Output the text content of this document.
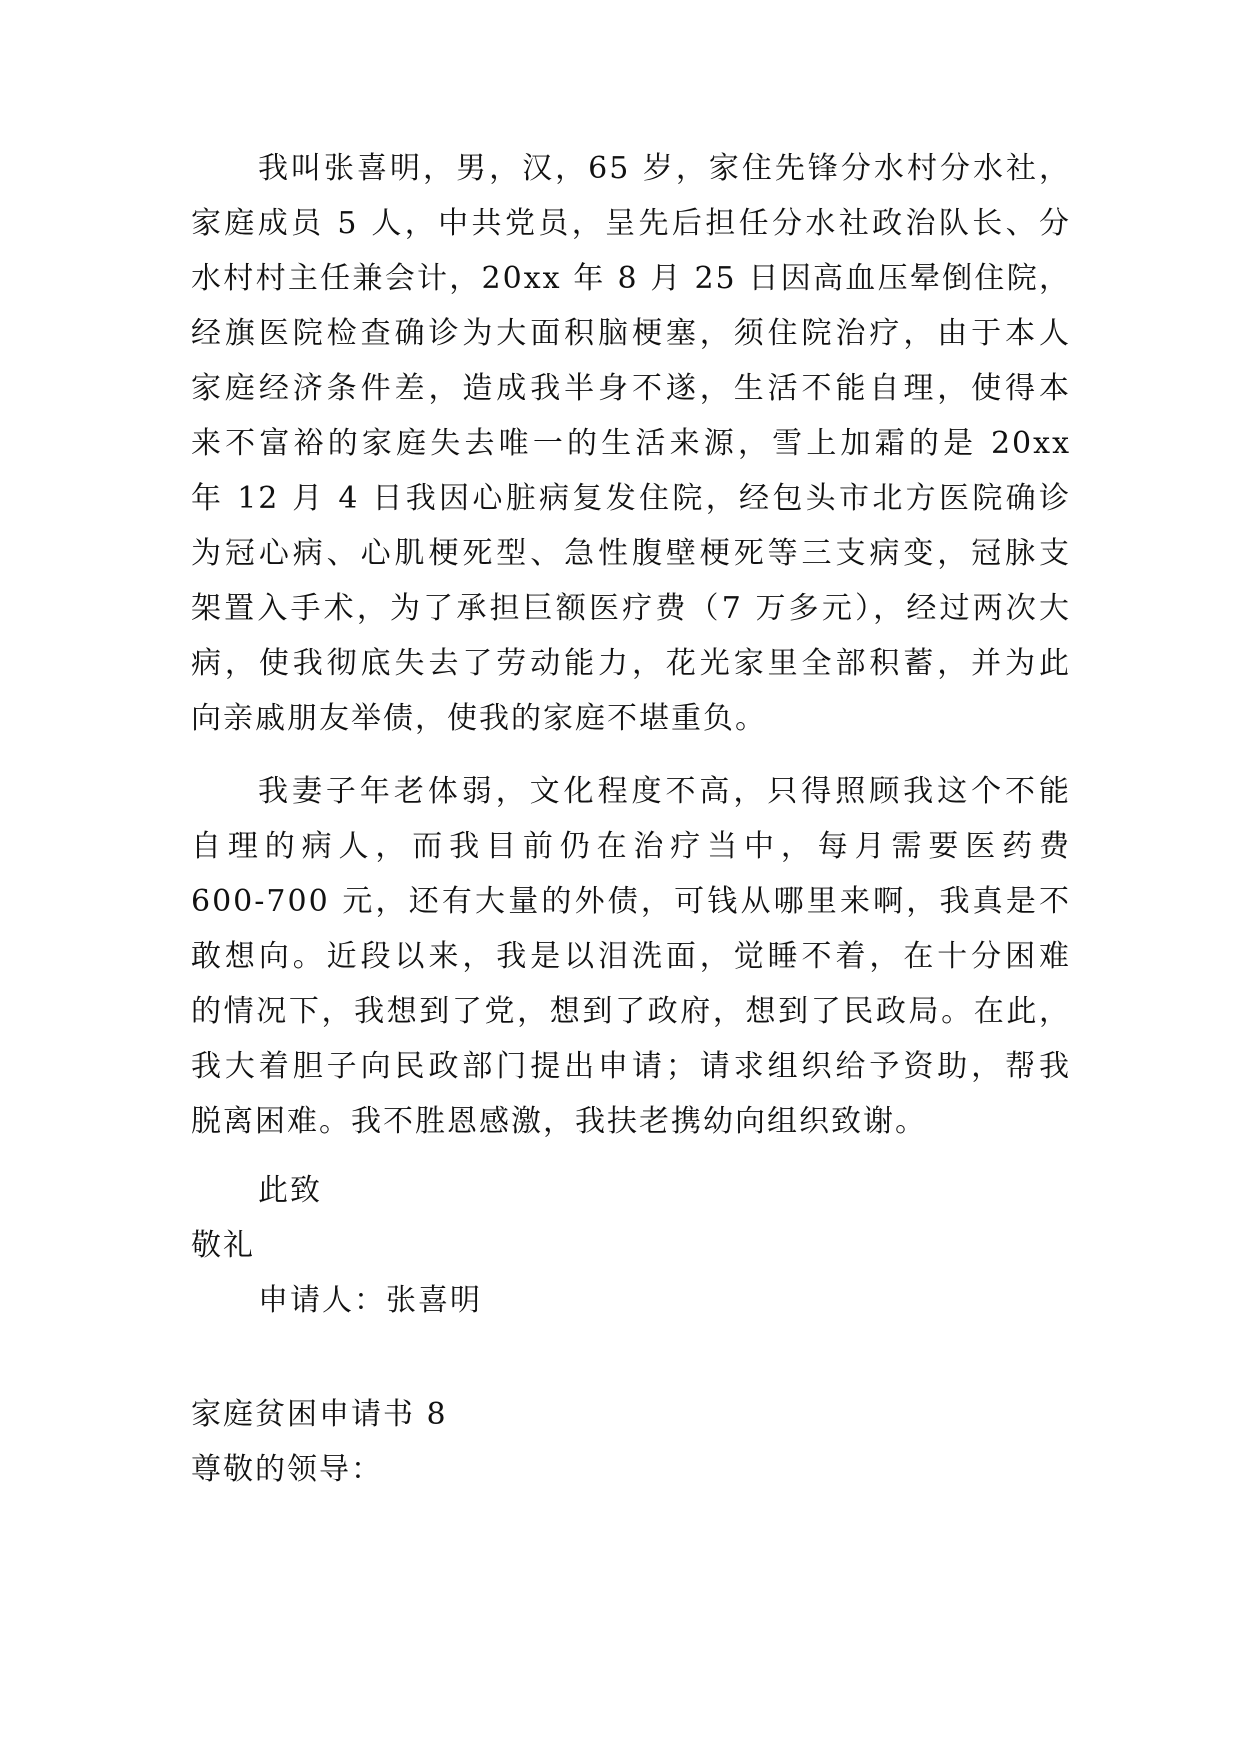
我叫张喜明，男，汉，65 岁，家住先锋分水村分水社，

家庭成员 5 人，中共党员，呈先后担任分水社政治队长、分

水村村主任兼会计，20xx 年 8 月 25 日因高血压晕倒住院，

经旗医院检查确诊为大面积脑梗塞，须住院治疗，由于本人

家庭经济条件差，造成我半身不遂，生活不能自理，使得本

来不富裕的家庭失去唯一的生活来源，雪上加霜的是 20xx

年 12 月 4 日我因心脏病复发住院，经包头市北方医院确诊

为冠心病、心肌梗死型、急性腹壁梗死等三支病变，冠脉支

架置入手术，为了承担巨额医疗费（7 万多元），经过两次大

病，使我彻底失去了劳动能力，花光家里全部积蓄，并为此

向亲戚朋友举债，使我的家庭不堪重负。

我妻子年老体弱，文化程度不高，只得照顾我这个不能

自理的病人，而我目前仍在治疗当中，每月需要医药费

600-700 元，还有大量的外债，可钱从哪里来啊，我真是不

敢想向。近段以来，我是以泪洗面，觉睡不着，在十分困难

的情况下，我想到了党，想到了政府，想到了民政局。在此，

我大着胆子向民政部门提出申请；请求组织给予资助，帮我

脱离困难。我不胜恩感激，我扶老携幼向组织致谢。

此致

敬礼

申请人：张喜明

家庭贫困申请书 8

尊敬的领导：
